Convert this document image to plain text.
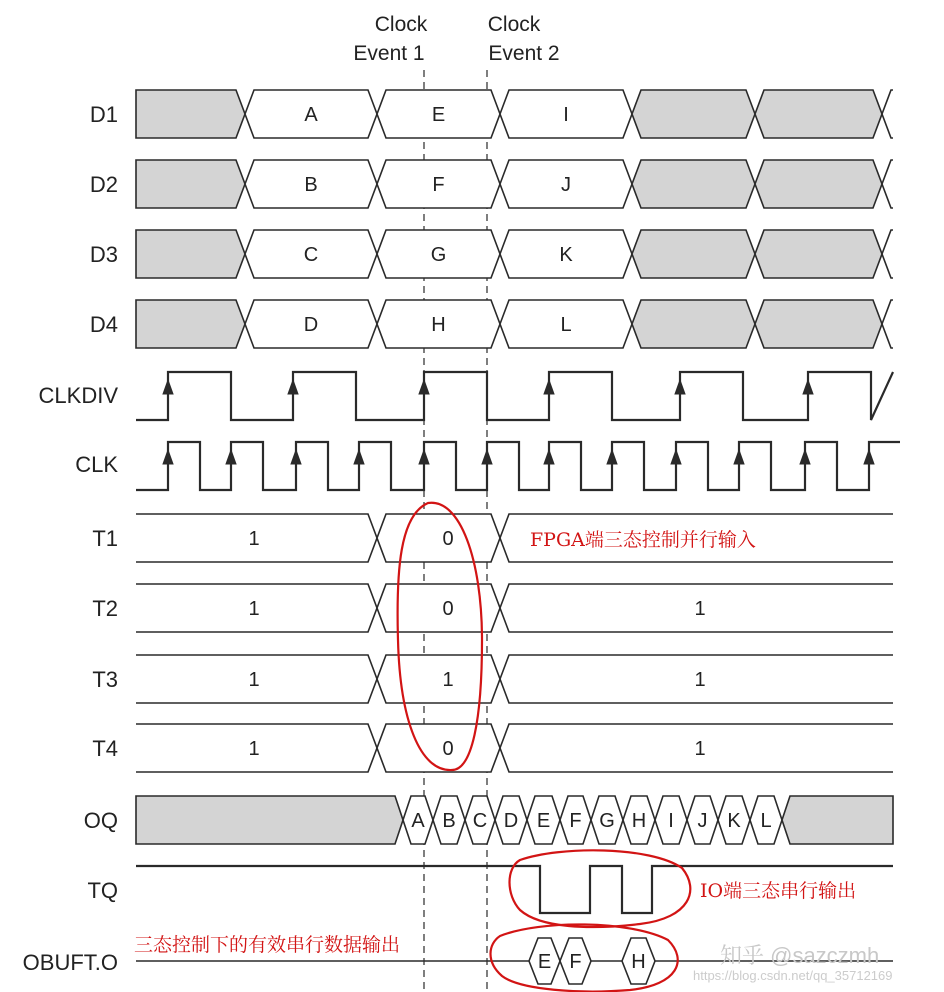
Clock
Event 1
Clock
Event 2
D1	A	E	I
D2	B	F	J
D3	C	G	K
D4	D	H	L
CLKDIV
CLK
T1	1	0
T2	1	0	1
T3	1	1	1
T4	1	0	1
OQ	A B C D E F G H I J K L
TQ
OBUFT.O	E F H
FPGA端三态控制并行输入
IO端三态串行输出
三态控制下的有效串行数据输出	知乎 @sazczmh
https://blog.csdn.net/qq_35712169
